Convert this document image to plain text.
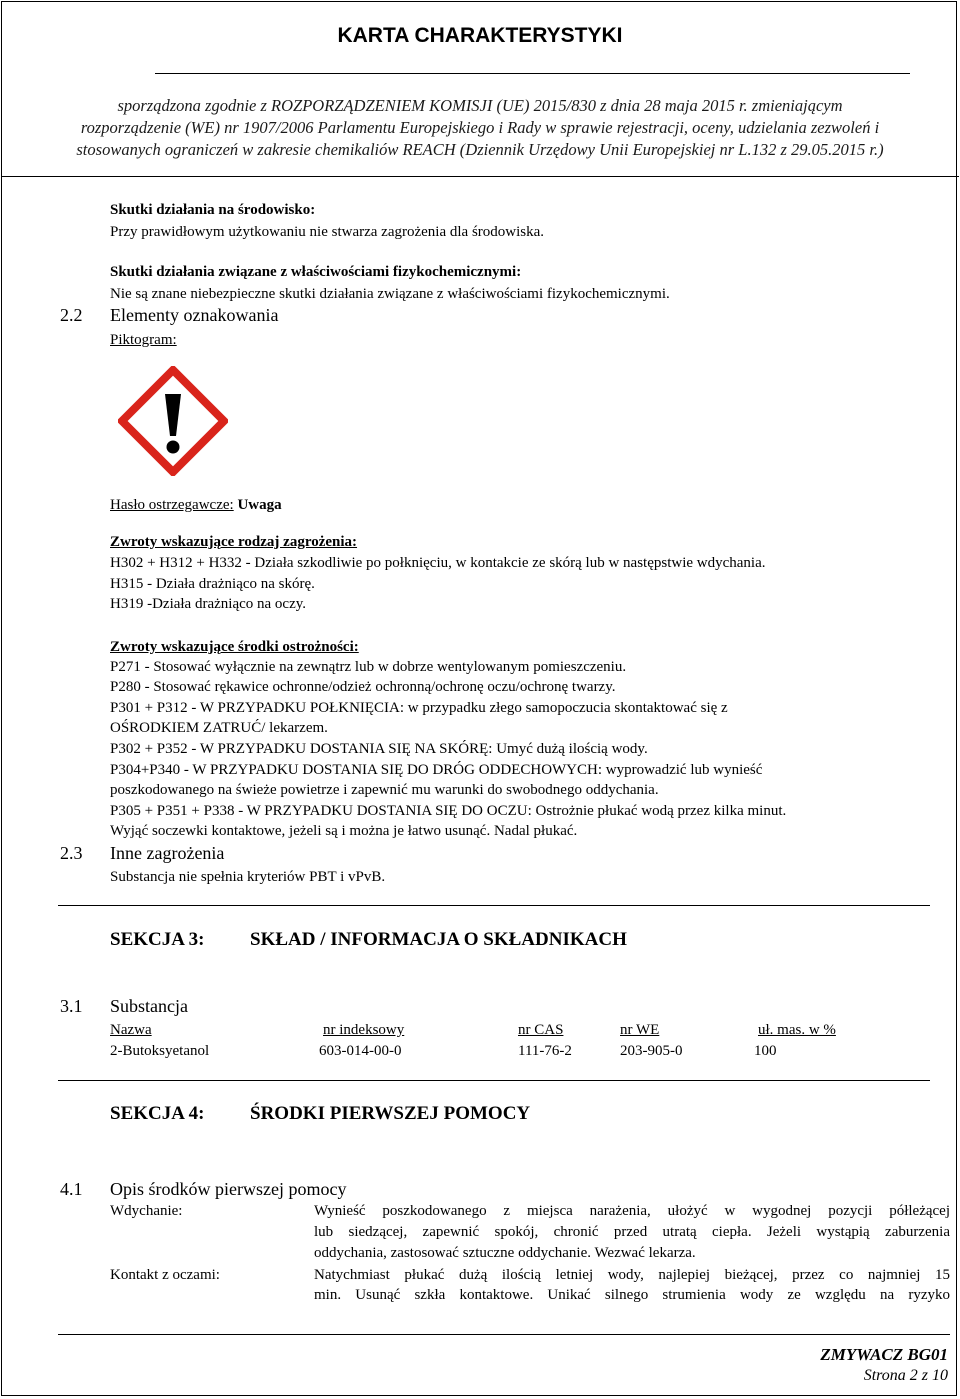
KARTA CHARAKTERYSTYKI
sporządzona zgodnie z ROZPORZĄDZENIEM KOMISJI (UE) 2015/830 z dnia 28 maja 2015 r. zmieniającym
rozporządzenie (WE) nr 1907/2006 Parlamentu Europejskiego i Rady w sprawie rejestracji, oceny, udzielania zezwoleń i
stosowanych ograniczeń w zakresie chemikaliów REACH (Dziennik Urzędowy Unii Europejskiej nr L.132 z 29.05.2015 r.)
Skutki działania na środowisko:
Przy prawidłowym użytkowaniu nie stwarza zagrożenia dla środowiska.
Skutki działania związane z właściwościami fizykochemicznymi:
Nie są znane niebezpieczne skutki działania związane z właściwościami fizykochemicznymi.
2.2 Elementy oznakowania
Piktogram:
Hasło ostrzegawcze: Uwaga
Zwroty wskazujące rodzaj zagrożenia:
H302 + H312 + H332 - Działa szkodliwie po połknięciu, w kontakcie ze skórą lub w następstwie wdychania.
H315 - Działa drażniąco na skórę.
H319 -Działa drażniąco na oczy.
Zwroty wskazujące środki ostrożności:
P271 - Stosować wyłącznie na zewnątrz lub w dobrze wentylowanym pomieszczeniu.
P280 - Stosować rękawice ochronne/odzież ochronną/ochronę oczu/ochronę twarzy.
P301 + P312 - W PRZYPADKU POŁKNIĘCIA: w przypadku złego samopoczucia skontaktować się z
OŚRODKIEM ZATRUĆ/ lekarzem.
P302 + P352 - W PRZYPADKU DOSTANIA SIĘ NA SKÓRĘ: Umyć dużą ilością wody.
P304+P340 - W PRZYPADKU DOSTANIA SIĘ DO DRÓG ODDECHOWYCH: wyprowadzić lub wynieść
poszkodowanego na świeże powietrze i zapewnić mu warunki do swobodnego oddychania.
P305 + P351 + P338 - W PRZYPADKU DOSTANIA SIĘ DO OCZU: Ostrożnie płukać wodą przez kilka minut.
Wyjąć soczewki kontaktowe, jeżeli są i można je łatwo usunąć. Nadal płukać.
2.3 Inne zagrożenia
Substancja nie spełnia kryteriów PBT i vPvB.
SEKCJA 3: SKŁAD / INFORMACJA O SKŁADNIKACH
3.1 Substancja
Nazwa	nr indeksowy	nr CAS	nr WE	uł. mas. w %
2-Butoksyetanol	603-014-00-0	111-76-2	203-905-0	100
SEKCJA 4: ŚRODKI PIERWSZEJ POMOCY
4.1 Opis środków pierwszej pomocy
Wdychanie:	Wynieść poszkodowanego z miejsca narażenia, ułożyć w wygodnej pozycji półleżącej
lub siedzącej, zapewnić spokój, chronić przed utratą ciepła. Jeżeli wystąpią zaburzenia
oddychania, zastosować sztuczne oddychanie. Wezwać lekarza.
Kontakt z oczami:	Natychmiast płukać dużą ilością letniej wody, najlepiej bieżącej, przez co najmniej 15
min. Usunąć szkła kontaktowe. Unikać silnego strumienia wody ze względu na ryzyko
ZMYWACZ BG01
Strona 2 z 10
